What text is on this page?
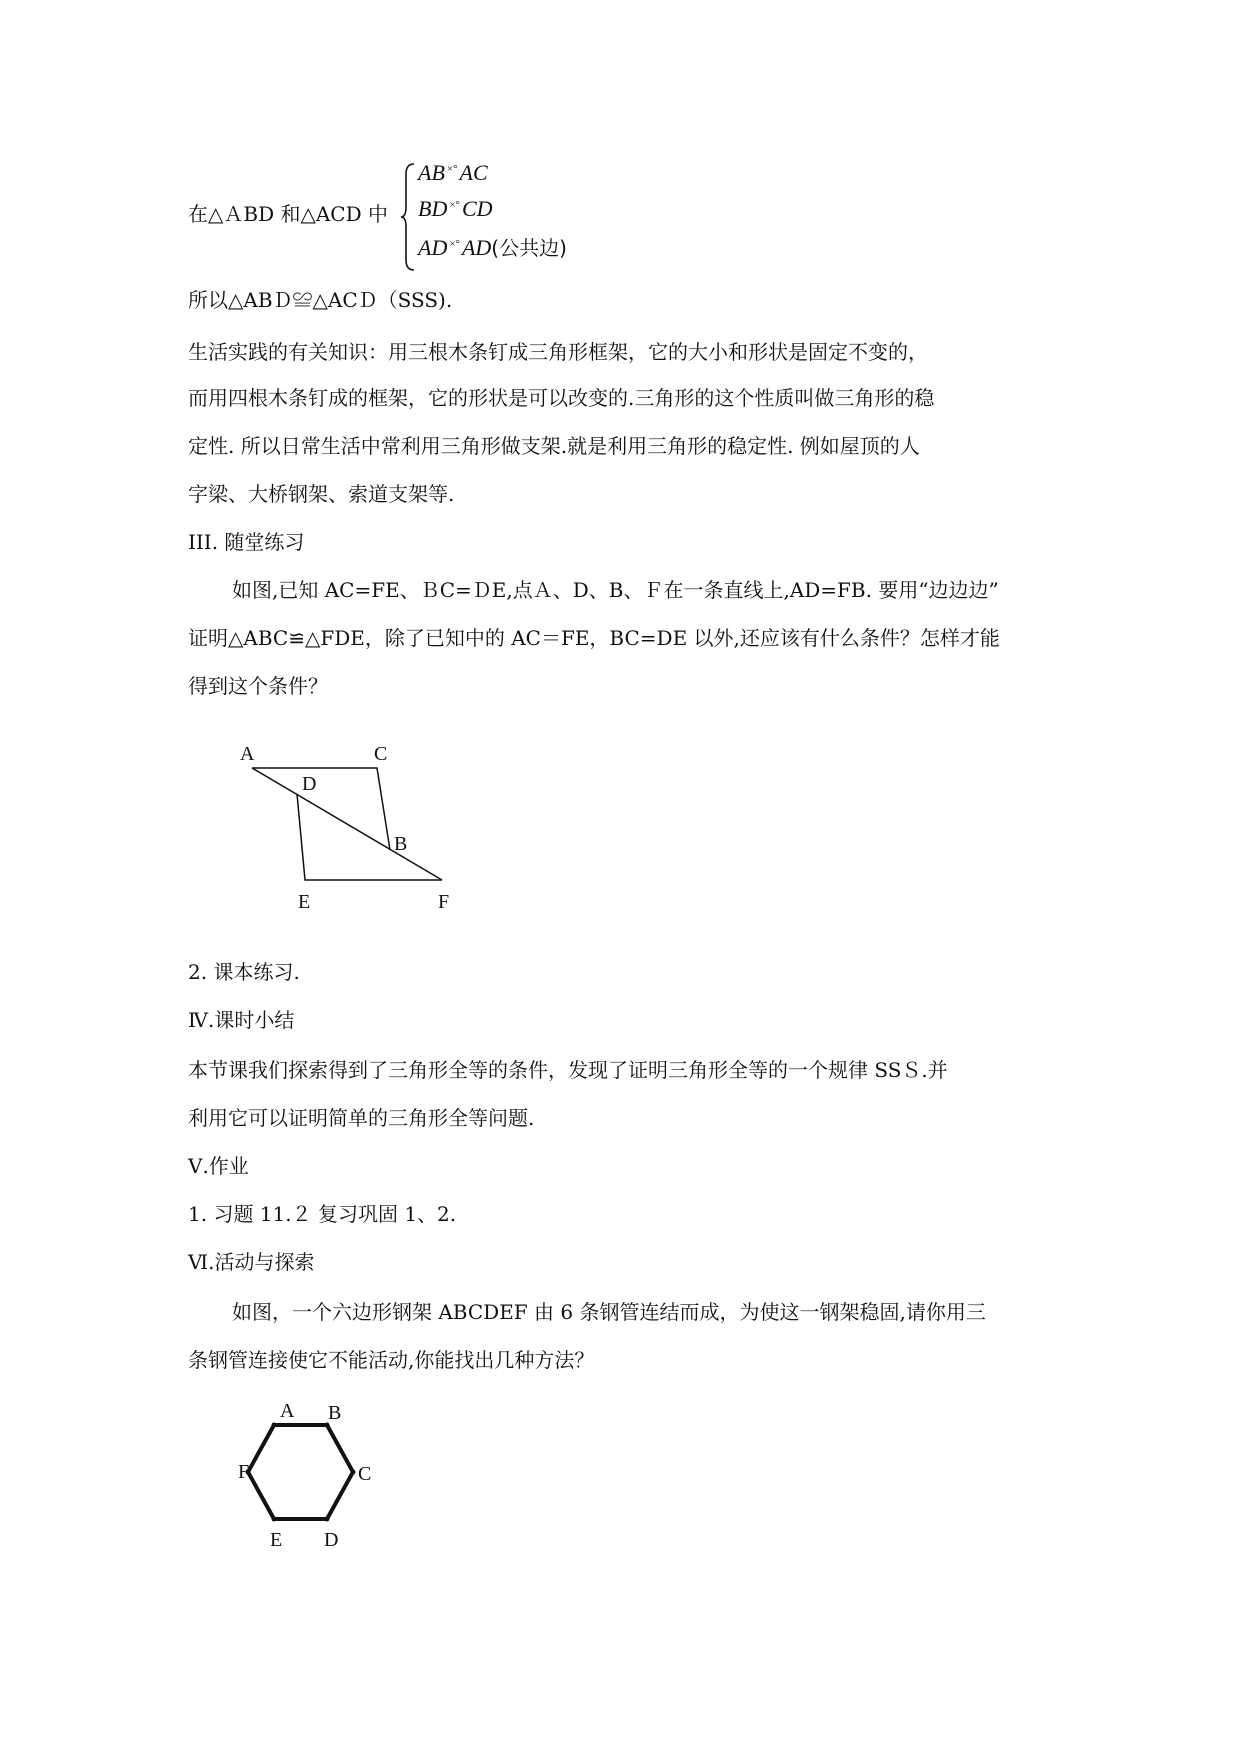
在△ＡBD 和△ACD 中
AB ×°AC
BD ×°CD
AD ×°AD(公共边)
所以△ABＤ≌△ACＤ（SSS).
生活实践的有关知识：用三根木条钉成三角形框架，它的大小和形状是固定不变的，
而用四根木条钉成的框架，它的形状是可以改变的.三角形的这个性质叫做三角形的稳
定性. 所以日常生活中常利用三角形做支架.就是利用三角形的稳定性. 例如屋顶的人
字梁、大桥钢架、索道支架等.
III. 随堂练习
如图,已知 AC=FE、ＢC=ＤE,点Ａ、D、B、Ｆ在一条直线上,AD=FB. 要用“边边边”
证明△ABC≌△FDE，除了已知中的 AC＝FE，BC=DE 以外,还应该有什么条件？怎样才能
得到这个条件？
A	C
D
B
E	F
2. 课本练习.
Ⅳ.课时小结
本节课我们探索得到了三角形全等的条件，发现了证明三角形全等的一个规律 SSＳ.并
利用它可以证明简单的三角形全等问题.
Ⅴ.作业
1. 习题 11.２ 复习巩固 1、2.
Ⅵ.活动与探索
如图，一个六边形钢架 ABCDEF 由 6 条钢管连结而成，为使这一钢架稳固,请你用三
条钢管连接使它不能活动,你能找出几种方法？
A B
C
D
E
F
